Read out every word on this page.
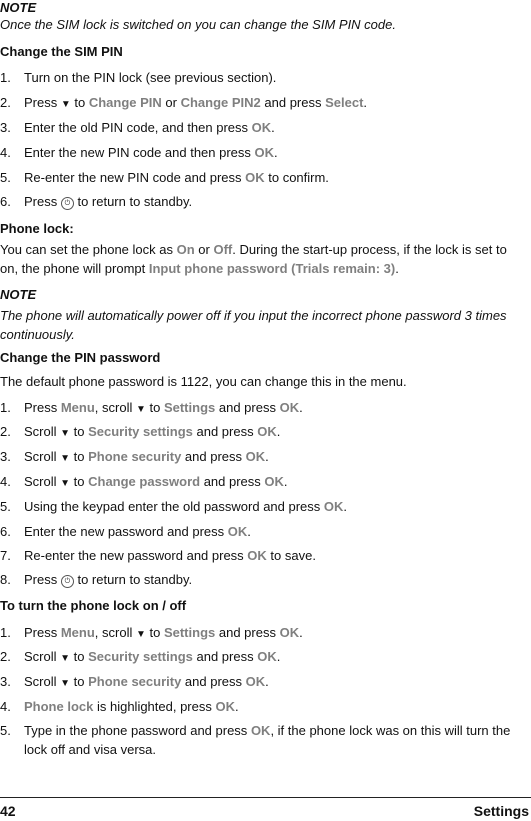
NOTE
Once the SIM lock is switched on you can change the SIM PIN code.
Change the SIM PIN
1. Turn on the PIN lock (see previous section).
2. Press ▼ to Change PIN or Change PIN2 and press Select.
3. Enter the old PIN code, and then press OK.
4. Enter the new PIN code and then press OK.
5. Re-enter the new PIN code and press OK to confirm.
6. Press ⏻ to return to standby.
Phone lock:
You can set the phone lock as On or Off. During the start-up process, if the lock is set to on, the phone will prompt Input phone password (Trials remain: 3).
NOTE
The phone will automatically power off if you input the incorrect phone password 3 times continuously.
Change the PIN password
The default phone password is 1122, you can change this in the menu.
1. Press Menu, scroll ▼ to Settings and press OK.
2. Scroll ▼ to Security settings and press OK.
3. Scroll ▼ to Phone security and press OK.
4. Scroll ▼ to Change password and press OK.
5. Using the keypad enter the old password and press OK.
6. Enter the new password and press OK.
7. Re-enter the new password and press OK to save.
8. Press ⏻ to return to standby.
To turn the phone lock on / off
1. Press Menu, scroll ▼ to Settings and press OK.
2. Scroll ▼ to Security settings and press OK.
3. Scroll ▼ to Phone security and press OK.
4. Phone lock is highlighted, press OK.
5. Type in the phone password and press OK, if the phone lock was on this will turn the lock off and visa versa.
42	Settings
